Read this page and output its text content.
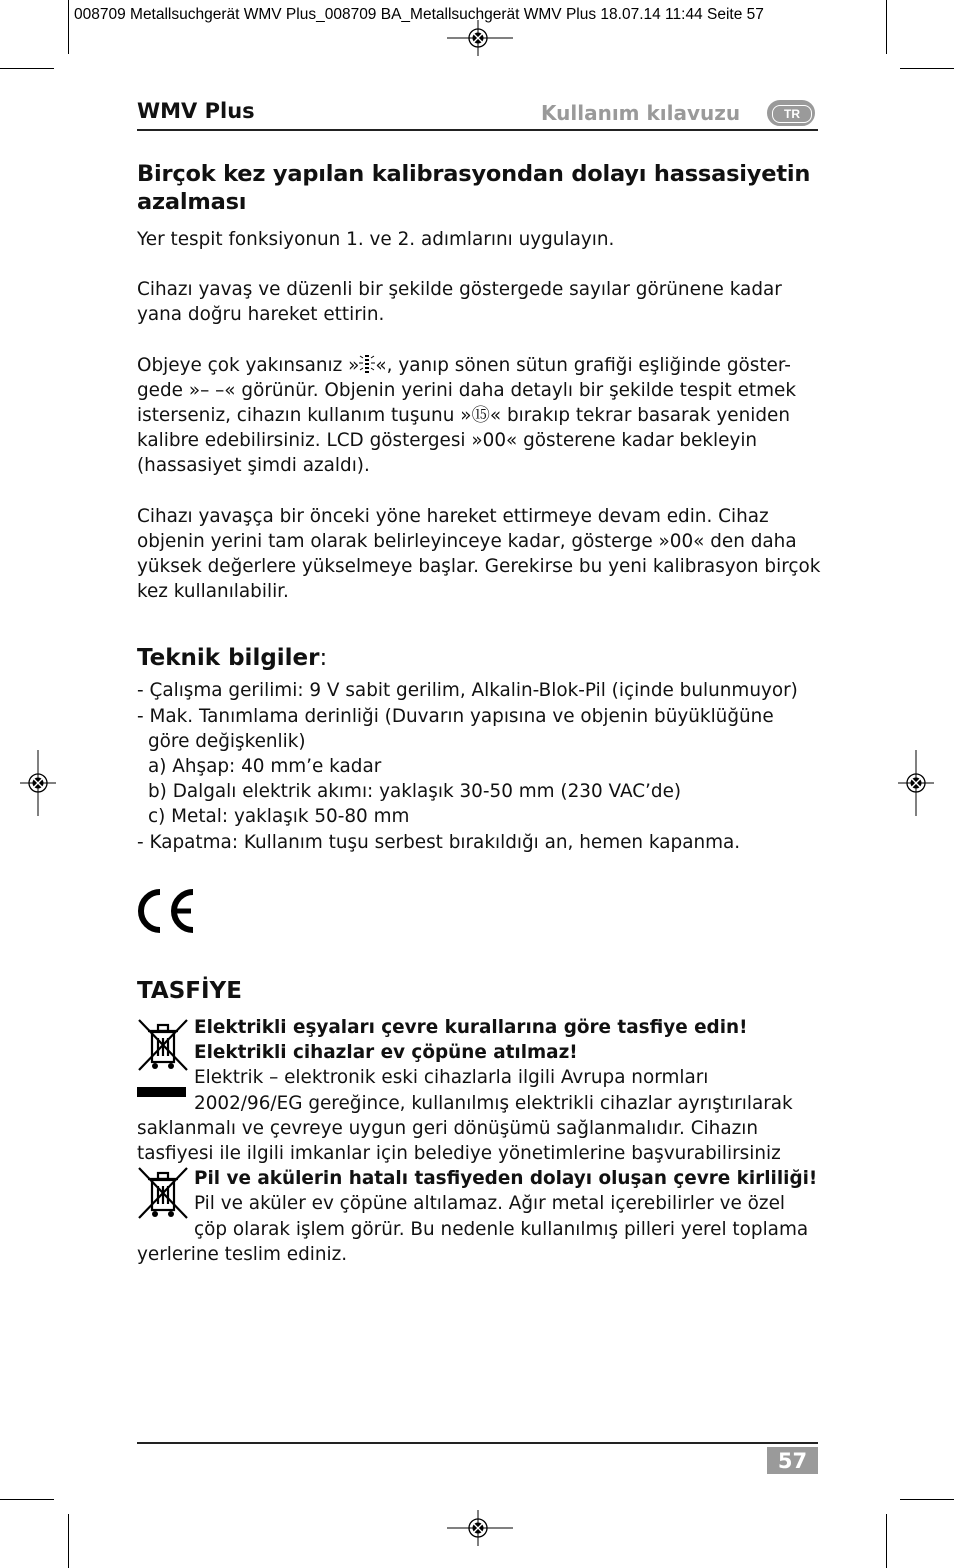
008709 Metallsuchgerät WMV Plus_008709 BA_Metallsuchgerät WMV Plus 18.07.14 11:44 Seite 57
WMV Plus	Kullanım kılavuzu	TR
Birçok kez yapılan kalibrasyondan dolayı hassasiyetin azalması

Yer tespit fonksiyonun 1. ve 2. adımlarını uygulayın.

Cihazı yavaş ve düzenli bir şekilde göstergede sayılar görünene kadar yana doğru hareket ettirin.

Objeye çok yakınsanız » «, yanıp sönen sütun grafiği eşliğinde göster-gede »– –« görünür. Objenin yerini daha detaylı bir şekilde tespit etmek isterseniz, cihazın kullanım tuşunu »⑮« bırakıp tekrar basarak yeniden kalibre edebilirsiniz. LCD göstergesi »00« gösterene kadar bekleyin (hassasiyet şimdi azaldı).

Cihazı yavaşça bir önceki yöne hareket ettirmeye devam edin. Cihaz objenin yerini tam olarak belirleyinceye kadar, gösterge »00« den daha yüksek değerlere yükselmeye başlar. Gerekirse bu yeni kalibrasyon birçok kez kullanılabilir.

Teknik bilgiler:
- Çalışma gerilimi: 9 V sabit gerilim, Alkalin-Blok-Pil (içinde bulunmuyor)
- Mak. Tanımlama derinliği (Duvarın yapısına ve objenin büyüklüğüne
göre değişkenlik)
a) Ahşap: 40 mm’e kadar
b) Dalgalı elektrik akımı: yaklaşık 30-50 mm (230 VAC’de)
c) Metal: yaklaşık 50-80 mm
- Kapatma: Kullanım tuşu serbest bırakıldığı an, hemen kapanma.
TASFİYE

Elektrikli eşyaları çevre kurallarına göre tasfiye edin! Elektrikli cihazlar ev çöpüne atılmaz!

Elektrik – elektronik eski cihazlarla ilgili Avrupa normları

2002/96/EG gereğince, kullanılmış elektrikli cihazlar ayrıştırılarak

saklanmalı ve çevreye uygun geri dönüşümü sağlanmalıdır. Cihazın tasfiyesi ile ilgili imkanlar için belediye yönetimlerine başvurabilirsiniz

Pil ve akülerin hatalı tasfiyeden dolayı oluşan çevre kirliliği!

Pil ve aküler ev çöpüne altılamaz. Ağır metal içerebilirler ve özel

çöp olarak işlem görür. Bu nedenle kullanılmış pilleri yerel toplama

yerlerine teslim ediniz.

57
